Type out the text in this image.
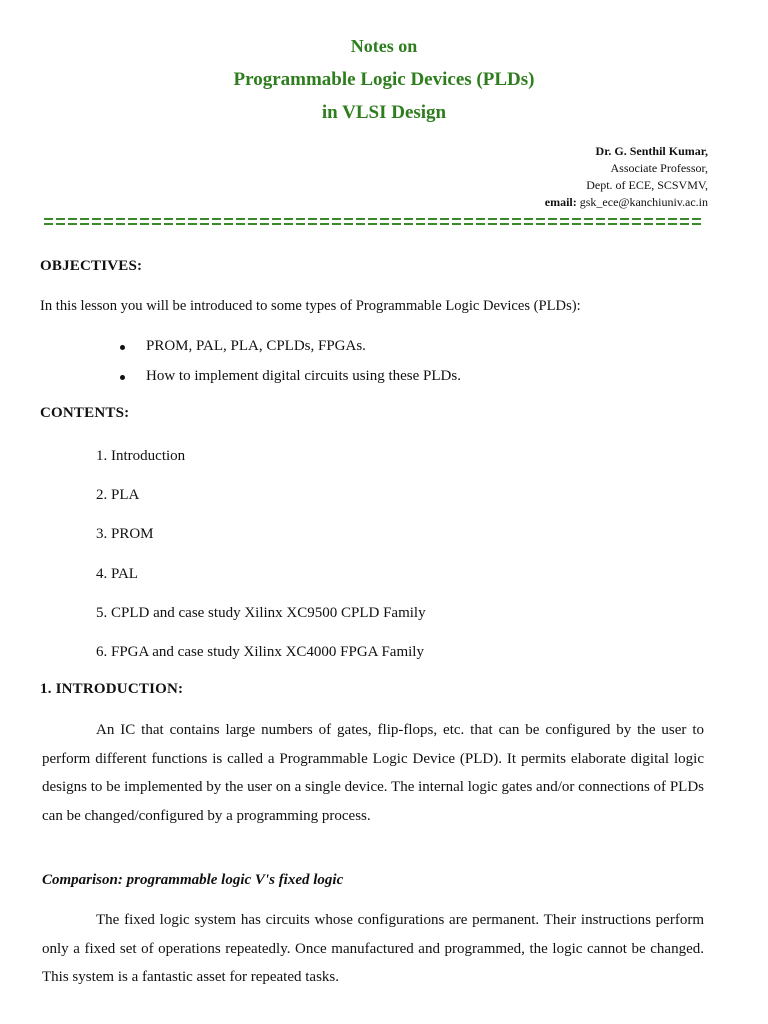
Notes on
Programmable Logic Devices (PLDs)
in VLSI Design
Dr. G. Senthil Kumar,
Associate Professor,
Dept. of ECE, SCSVMV,
email: gsk_ece@kanchiuniv.ac.in
OBJECTIVES:
In this lesson you will be introduced to some types of Programmable Logic Devices (PLDs):
PROM, PAL, PLA, CPLDs, FPGAs.
How to implement digital circuits using these PLDs.
CONTENTS:
1. Introduction
2. PLA
3. PROM
4. PAL
5. CPLD and case study Xilinx XC9500 CPLD Family
6. FPGA and case study Xilinx XC4000 FPGA Family
1. INTRODUCTION:
An IC that contains large numbers of gates, flip-flops, etc. that can be configured by the user to perform different functions is called a Programmable Logic Device (PLD). It permits elaborate digital logic designs to be implemented by the user on a single device. The internal logic gates and/or connections of PLDs can be changed/configured by a programming process.
Comparison: programmable logic V's fixed logic
The fixed logic system has circuits whose configurations are permanent. Their instructions perform only a fixed set of operations repeatedly. Once manufactured and programmed, the logic cannot be changed. This system is a fantastic asset for repeated tasks.
